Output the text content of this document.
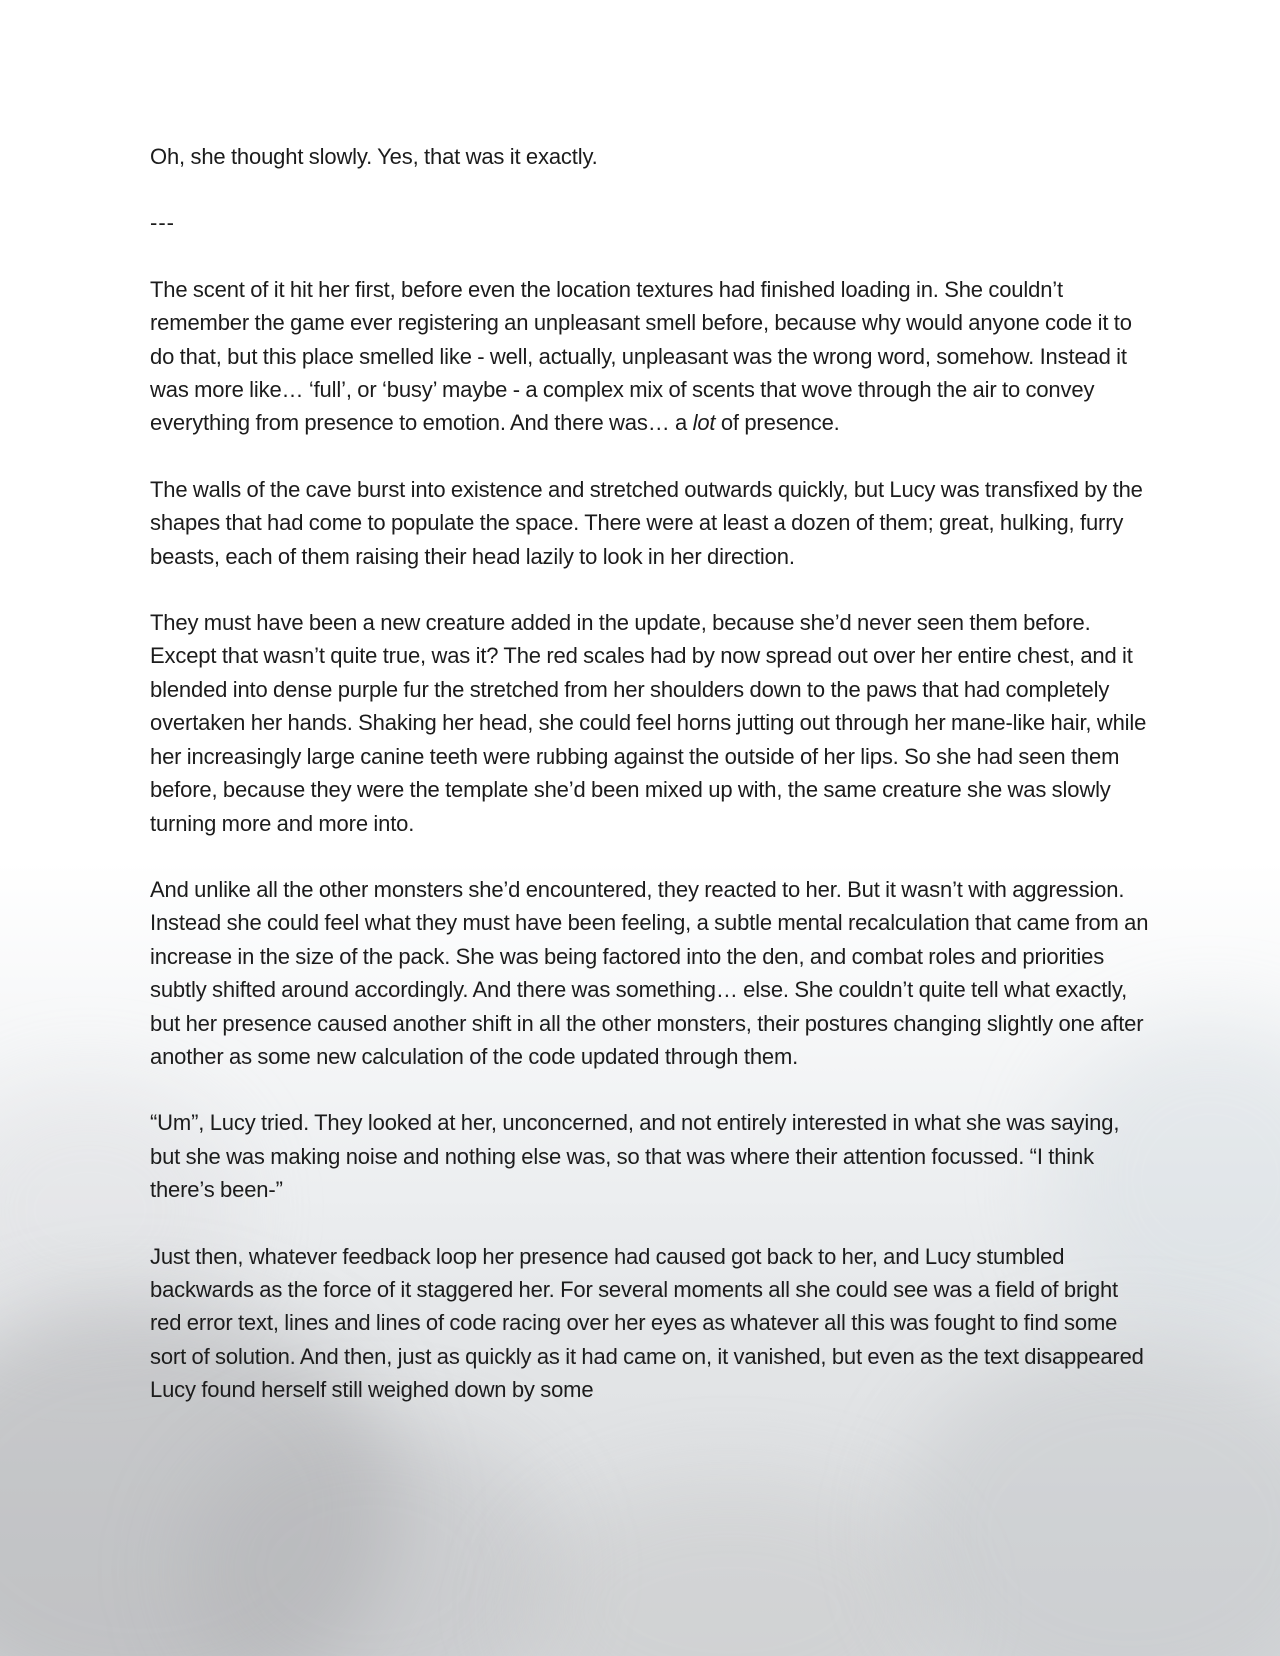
Oh, she thought slowly. Yes, that was it exactly.

---

The scent of it hit her first, before even the location textures had finished loading in. She couldn’t remember the game ever registering an unpleasant smell before, because why would anyone code it to do that, but this place smelled like - well, actually, unpleasant was the wrong word, somehow. Instead it was more like… ‘full’, or ‘busy’ maybe - a complex mix of scents that wove through the air to convey everything from presence to emotion. And there was… a lot of presence.

The walls of the cave burst into existence and stretched outwards quickly, but Lucy was transfixed by the shapes that had come to populate the space. There were at least a dozen of them; great, hulking, furry beasts, each of them raising their head lazily to look in her direction.

They must have been a new creature added in the update, because she’d never seen them before. Except that wasn’t quite true, was it? The red scales had by now spread out over her entire chest, and it blended into dense purple fur the stretched from her shoulders down to the paws that had completely overtaken her hands. Shaking her head, she could feel horns jutting out through her mane-like hair, while her increasingly large canine teeth were rubbing against the outside of her lips. So she had seen them before, because they were the template she’d been mixed up with, the same creature she was slowly turning more and more into.

And unlike all the other monsters she’d encountered, they reacted to her. But it wasn’t with aggression. Instead she could feel what they must have been feeling, a subtle mental recalculation that came from an increase in the size of the pack. She was being factored into the den, and combat roles and priorities subtly shifted around accordingly. And there was something… else. She couldn’t quite tell what exactly, but her presence caused another shift in all the other monsters, their postures changing slightly one after another as some new calculation of the code updated through them.

“Um”, Lucy tried. They looked at her, unconcerned, and not entirely interested in what she was saying, but she was making noise and nothing else was, so that was where their attention focussed. “I think there’s been-”

Just then, whatever feedback loop her presence had caused got back to her, and Lucy stumbled backwards as the force of it staggered her. For several moments all she could see was a field of bright red error text, lines and lines of code racing over her eyes as whatever all this was fought to find some sort of solution. And then, just as quickly as it had came on, it vanished, but even as the text disappeared Lucy found herself still weighed down by some
